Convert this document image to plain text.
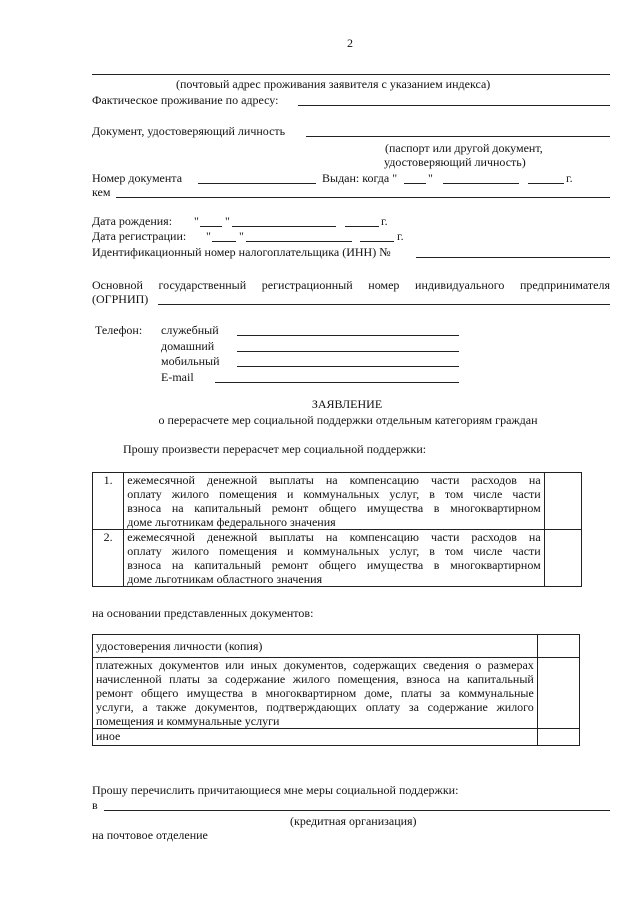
2
(почтовый адрес проживания заявителя с указанием индекса)
Фактическое проживание по адресу:
Документ, удостоверяющий личность
(паспорт или другой документ,
удостоверяющий личность)
Номер документа	Выдан: когда "	"	г.
кем
Дата рождения: " "	г.
Дата регистрации: " "	г.
Идентификационный номер налогоплательщика (ИНН) №
Основной государственный регистрационный номер индивидуального предпринимателя
(ОГРНИП)
Телефон: служебный
домашний
мобильный
E-mail
ЗАЯВЛЕНИЕ
о перерасчете мер социальной поддержки отдельным категориям граждан
Прошу произвести перерасчет мер социальной поддержки:
1.	ежемесячной денежной выплаты на компенсацию части расходов на
оплату жилого помещения и коммунальных услуг, в том числе части
взноса на капитальный ремонт общего имущества в многоквартирном
доме льготникам федерального значения	

2.	ежемесячной денежной выплаты на компенсацию части расходов на
оплату жилого помещения и коммунальных услуг, в том числе части
взноса на капитальный ремонт общего имущества в многоквартирном
доме льготникам областного значения	

на основании представленных документов:
удостоверения личности (копия)	

платежных документов или иных документов, содержащих сведения о размерах
начисленной платы за содержание жилого помещения, взноса на капитальный
ремонт общего имущества в многоквартирном доме, платы за коммунальные
услуги, а также документов, подтверждающих оплату за содержание жилого
помещения и коммунальные услуги	

иное	

Прошу перечислить причитающиеся мне меры социальной поддержки:
в
(кредитная организация)
на почтовое отделение
